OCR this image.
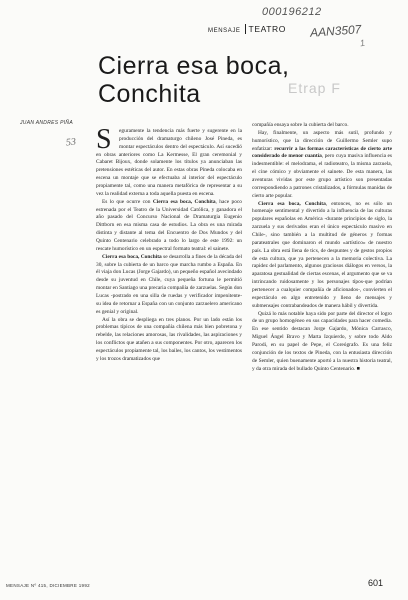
000196212
AAN3507
1
MENSAJE TEATRO
Cierra esa boca,
Conchita	Etrap F
JUAN ANDRES PIÑA
53 S	eguramente la tendencia más fuerte y sugerente en la producción del dramaturgo chileno José Pineda, es montar espectáculos dentro del espectáculo. Así sucedió en obras anteriores como La Kermesse, El gran ceremonial y Cabaret Bijoux, donde solamente los títulos ya anunciaban las pretensiones estéticas del autor. En estas obras Pineda colocaba en escena un montaje que se efectuaba al interior del espectáculo propiamente tal, como una manera metafórica de representar a su vez la realidad externa a toda aquella puesta en escena.

Es lo que ocurre con Cierra esa boca, Conchita, hace poco estrenada por el Teatro de la Universidad Católica, y ganadora el año pasado del Concurso Nacional de Dramaturgia Eugenio Dittborn en esa misma casa de estudios. La obra es una mirada distinta y distante al tema del Encuentro de Dos Mundos y del Quinto Centenario celebrado a todo lo largo de este 1992: un rescate humorístico en un espectral formato teatral: el sainete.

Cierra esa boca, Conchita se desarrolla a fines de la década del 30, sobre la cubierta de un barco que marcha rumbo a España. En él viaja don Lucas (Jorge Gajardo), un pequeño español avecindado desde su juventud en Chile, cuya pequeña fortuna le permitió montar en Santiago una precaria compañía de zarzuelas. Según don Lucas -postrado en una silla de ruedas y verificador impenitente- su idea de retornar a España con un conjunto zarzuelero americano es genial y original.

Así la obra se despliega en tres planos. Por un lado están los problemas típicos de una compañía chilena más bien pobretona y rebelde, las relaciones amorosas, las rivalidades, las aspiraciones y los conflictos que atañen a sus componentes. Por otro, aparecen los espectáculos propiamente tal, los bailes, los cantos, los vestimentos y los trozos dramatizados que

compañía ensaya sobre la cubierta del barco.

Hay, finalmente, un aspecto más sutil, profundo y humorístico, que la dirección de Guillermo Semler supo enfatizar: recurrir a las formas características de cierto arte considerado de menor cuantía, pero cuya masiva influencia es indesmentible: el melodrama, el radioteatro, la misma zarzuela, el cine cómico y obviamente el sainete. De esta manera, las aventuras vividas por este grupo artístico son presentadas correspondiendo a patrones cristalizados, a fórmulas manidas de cierto arte popular.

Cierra esa boca, Conchita, entonces, no es sólo un homenaje sentimental y divertido a la influencia de las culturas populares españolas en América -durante principios de siglo, la zarzuela y sus derivados eran el único espectáculo masivo en Chile-, sino también a la multitud de géneros y formas parateatrales que dominaron el mundo «artístico» de nuestro país. La obra está llena de tics, de despuntes y de gestos propios de esta cultura, que ya pertenecen a la memoria colectiva. La rapidez del parlamento, algunos graciosos diálogos en versos, la aparatosa gestualidad de ciertas escenas, el argumento que se va intrincando ruidosamente y los personajes típos-que podrían pertenecer a cualquier compañía de aficionados-, convierten el espectáculo en algo entretenido y lleno de mensajes y submensajes contrabandeados de manera hábil y divertida.

Quizá lo más notable haya sido por parte del director el logro de un grupo homogéneo en sus capacidades para hacer comedia. En ese sentido destacan Jorge Gajardo, Mónica Carrasco, Miguel Ángel Bravo y Marta Izquierdo, y sobre todo Aldo Parodi, en su papel de Pepe, el Coreógrafo. Es una feliz conjunción de los textos de Pineda, con la entusiasta dirección de Semler, quien buenamente aportó a la nuestra historia teatral, y da otra mirada del bullado Quinto Centenario. ■

MENSAJE Nº 415, DICIEMBRE 1992	601
